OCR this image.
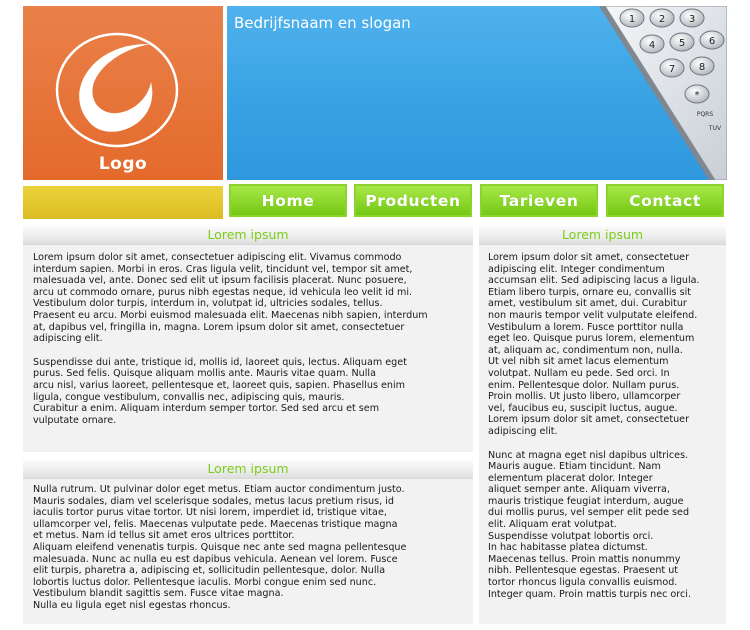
Logo
Bedrijfsnaam en slogan	1 2 3
4 5 6
7 8
*
PQRS
TUV
Home	Producten	Tarieven	Contact
Lorem ipsum

Lorem ipsum dolor sit amet, consectetuer adipiscing elit. Vivamus commodo
interdum sapien. Morbi in eros. Cras ligula velit, tincidunt vel, tempor sit amet,
malesuada vel, ante. Donec sed elit ut ipsum facilisis placerat. Nunc posuere,
arcu ut commodo ornare, purus nibh egestas neque, id vehicula leo velit id mi.
Vestibulum dolor turpis, interdum in, volutpat id, ultricies sodales, tellus.
Praesent eu arcu. Morbi euismod malesuada elit. Maecenas nibh sapien, interdum
at, dapibus vel, fringilla in, magna. Lorem ipsum dolor sit amet, consectetuer
adipiscing elit.

Suspendisse dui ante, tristique id, mollis id, laoreet quis, lectus. Aliquam eget
purus. Sed felis. Quisque aliquam mollis ante. Mauris vitae quam. Nulla
arcu nisl, varius laoreet, pellentesque et, laoreet quis, sapien. Phasellus enim
ligula, congue vestibulum, convallis nec, adipiscing quis, mauris.
Curabitur a enim. Aliquam interdum semper tortor. Sed sed arcu et sem
vulputate ornare.

Lorem ipsum

Nulla rutrum. Ut pulvinar dolor eget metus. Etiam auctor condimentum justo.
Mauris sodales, diam vel scelerisque sodales, metus lacus pretium risus, id
iaculis tortor purus vitae tortor. Ut nisi lorem, imperdiet id, tristique vitae,
ullamcorper vel, felis. Maecenas vulputate pede. Maecenas tristique magna
et metus. Nam id tellus sit amet eros ultrices porttitor.
Aliquam eleifend venenatis turpis. Quisque nec ante sed magna pellentesque
malesuada. Nunc ac nulla eu est dapibus vehicula. Aenean vel lorem. Fusce
elit turpis, pharetra a, adipiscing et, sollicitudin pellentesque, dolor. Nulla
lobortis luctus dolor. Pellentesque iaculis. Morbi congue enim sed nunc.
Vestibulum blandit sagittis sem. Fusce vitae magna.
Nulla eu ligula eget nisl egestas rhoncus.

Lorem ipsum

Lorem ipsum dolor sit amet, consectetuer
adipiscing elit. Integer condimentum
accumsan elit. Sed adipiscing lacus a ligula.
Etiam libero turpis, ornare eu, convallis sit
amet, vestibulum sit amet, dui. Curabitur
non mauris tempor velit vulputate eleifend.
Vestibulum a lorem. Fusce porttitor nulla
eget leo. Quisque purus lorem, elementum
at, aliquam ac, condimentum non, nulla.
Ut vel nibh sit amet lacus elementum
volutpat. Nullam eu pede. Sed orci. In
enim. Pellentesque dolor. Nullam purus.
Proin mollis. Ut justo libero, ullamcorper
vel, faucibus eu, suscipit luctus, augue.
Lorem ipsum dolor sit amet, consectetuer
adipiscing elit.

Nunc at magna eget nisl dapibus ultrices.
Mauris augue. Etiam tincidunt. Nam
elementum placerat dolor. Integer
aliquet semper ante. Aliquam viverra,
mauris tristique feugiat interdum, augue
dui mollis purus, vel semper elit pede sed
elit. Aliquam erat volutpat.
Suspendisse volutpat lobortis orci.
In hac habitasse platea dictumst.
Maecenas tellus. Proin mattis nonummy
nibh. Pellentesque egestas. Praesent ut
tortor rhoncus ligula convallis euismod.
Integer quam. Proin mattis turpis nec orci.
